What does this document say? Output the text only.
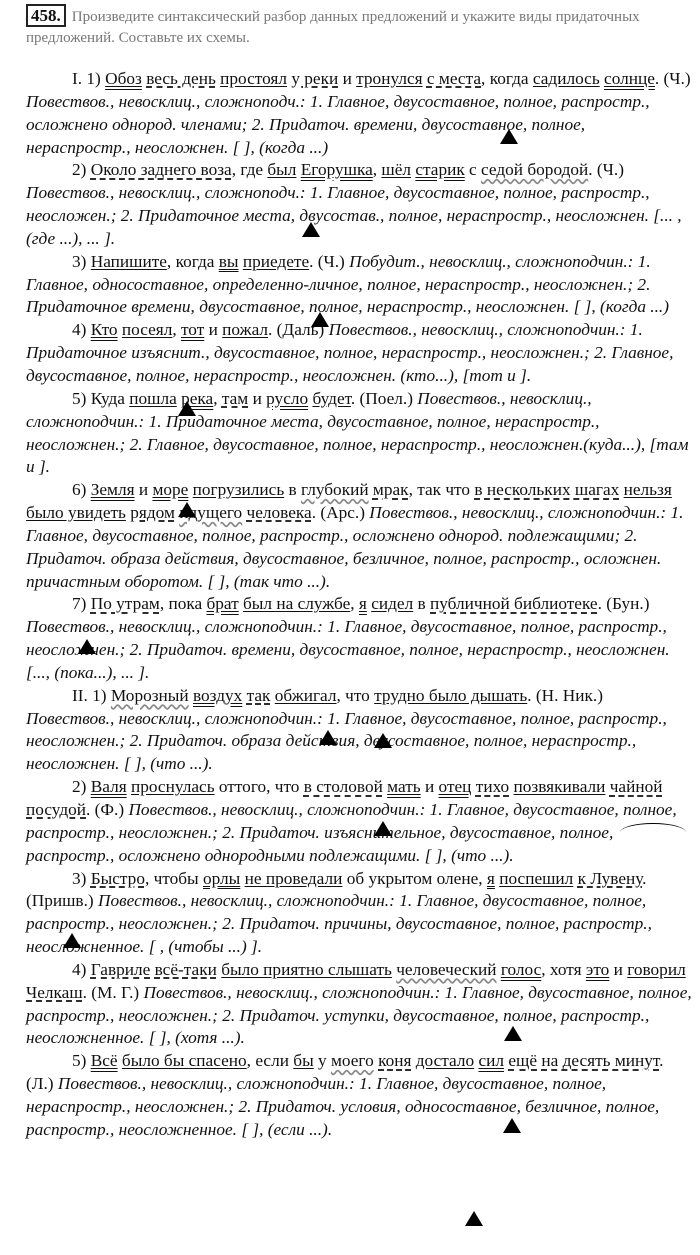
458. Произведите синтаксический разбор данных предложений и укажите виды придаточных предложений. Составьте их схемы.

I. 1) Обоз весь день простоял у реки и тронулся с места, когда садилось солнце. (Ч.) Повествов., невосклиц., сложноподч.: 1. Главное, двусоставное, полное, распростр., осложнено однород. членами; 2. Придаточ. времени, двусоставное, полное, нераспростр., неосложнен. [ ], (когда ...)

2) Около заднего воза, где был Егорушка, шёл старик с седой бородой. (Ч.) Повествов., невосклиц., сложноподч.: 1. Главное, двусоставное, полное, распростр., неосложен.; 2. Придаточное места, двусостав., полное, нераспростр., неосложнен. [... ,(где ...), ... ].

3) Напишите, когда вы приедете. (Ч.) Побудит., невосклиц., сложноподчин.: 1. Главное, односоставное, определенно-личное, полное, нераспростр., неосложнен.; 2. Придаточное времени, двусоставное, полное, нераспростр., неосложнен. [ ], (когда ...)

4) Кто посеял, тот и пожал. (Даль) Повествов., невосклиц., сложноподчин.: 1. Придаточное изъяснит., двусоставное, полное, нераспростр., неосложнен.; 2. Главное, двусоставное, полное, нераспростр., неосложнен. (кто...), [тот и ].

5) Куда пошла река, там и русло будет. (Поел.) Повествов., невосклиц., сложноподчин.: 1. Придаточное места, двусоставное, полное, нераспростр., неосложнен.; 2. Главное, двусоставное, полное, нераспростр., неосложнен.(куда...), [там и ].

6) Земля и море погрузились в глубокий мрак, так что в нескольких шагах нельзя было увидеть рядом идущего человека. (Арс.) Повествов., невосклиц., сложноподчин.: 1. Главное, двусоставное, полное, распростр., осложнено однород. подлежащими; 2. Придаточ. образа действия, двусоставное, безличное, полное, распростр., осложнен. причастным оборотом. [ ], (так что ...).

7) По утрам, пока брат был на службе, я сидел в публичной библиотеке. (Бун.) Повествов., невосклиц., сложноподчин.: 1. Главное, двусоставное, полное, распростр., неосложнен.; 2. Придаточ. времени, двусоставное, полное, нераспростр., неосложнен. [..., (пока...), ... ].

II. 1) Морозный воздух так обжигал, что трудно было дышать. (Н. Ник.) Повествов., невосклиц., сложноподчин.: 1. Главное, двусоставное, полное, распростр., неосложнен.; 2. Придаточ. образа действия, двусоставное, полное, нераспростр., неосложнен. [ ], (что ...).

2) Валя проснулась оттого, что в столовой мать и отец тихо позвякивали чайной посудой. (Ф.) Повествов., невосклиц., сложноподчин.: 1. Главное, двусоставное, полное, распростр., неосложнен.; 2. Придаточ. изъяснительное, двусоставное, полное, распростр., осложнено однородными подлежащими. [ ], (что ...).

3) Быстро, чтобы орлы не проведали об укрытом олене, я поспешил к Лувену. (Пришв.) Повествов., невосклиц., сложноподчин.: 1. Главное, двусоставное, полное, распростр., неосложнен.; 2. Придаточ. причины, двусоставное, полное, распростр., неосложненное. [ , (чтобы ...) ].

4) Гавриле всё-таки было приятно слышать человеческий голос, хотя это и говорил Челкаш. (М. Г.) Повествов., невосклиц., сложноподчин.: 1. Главное, двусоставное, полное, распростр., неосложнен.; 2. Придаточ. уступки, двусоставное, полное, распростр., неосложненное. [ ], (хотя ...).

5) Всё было бы спасено, если бы у моего коня достало сил ещё на десять минут. (Л.) Повествов., невосклиц., сложноподчин.: 1. Главное, двусоставное, полное, нераспростр., неосложнен.; 2. Придаточ. условия, односоставное, безличное, полное, распростр., неосложненное. [ ], (если ...).
